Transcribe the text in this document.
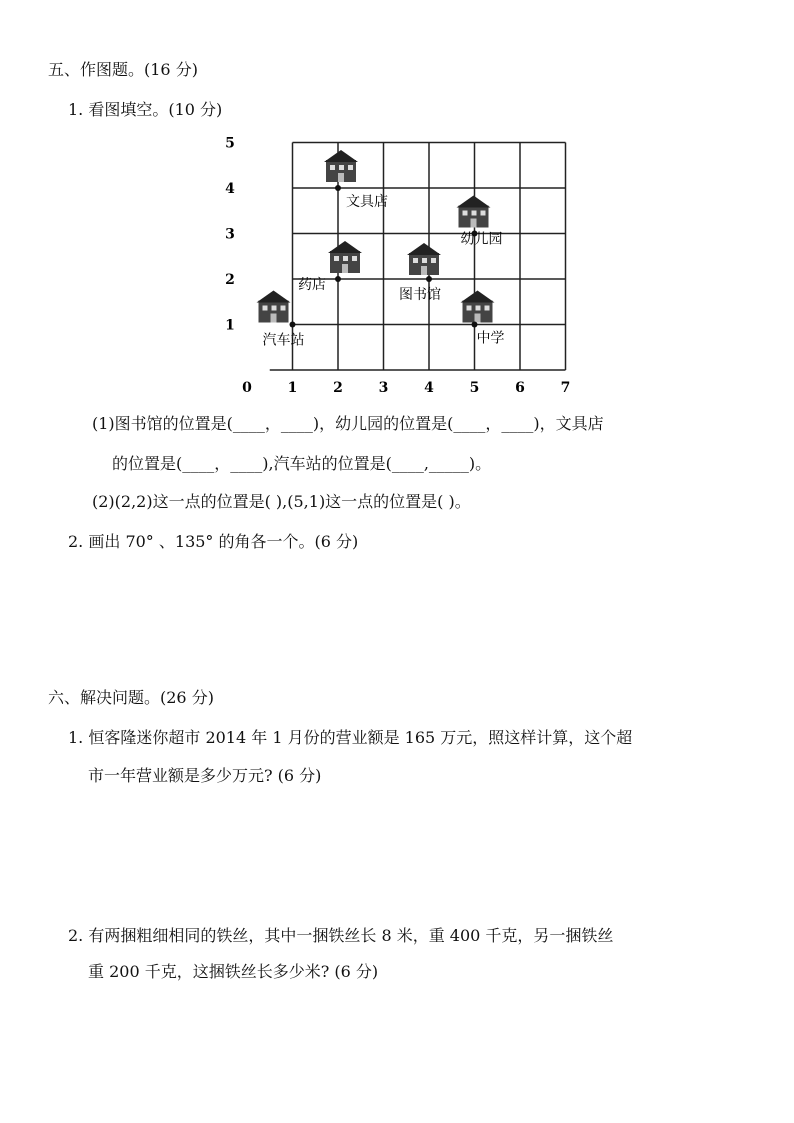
五、作图题。(16 分)
1. 看图填空。(10 分)
0	1	2	3	4	5	6	7
1
2
3
4
5
文具店
幼儿园
药店
图书馆
汽车站	中学
(1)图书馆的位置是(____，____)，幼儿园的位置是(____，____)，文具店
的位置是(____，____),汽车站的位置是(____,_____)。
(2)(2,2)这一点的位置是( ),(5,1)这一点的位置是( )。
2. 画出 70° 、135° 的角各一个。(6 分)
六、解决问题。(26 分)
1. 恒客隆迷你超市 2014 年 1 月份的营业额是 165 万元，照这样计算，这个超
市一年营业额是多少万元? (6 分)
2. 有两捆粗细相同的铁丝，其中一捆铁丝长 8 米，重 400 千克，另一捆铁丝
重 200 千克，这捆铁丝长多少米? (6 分)
